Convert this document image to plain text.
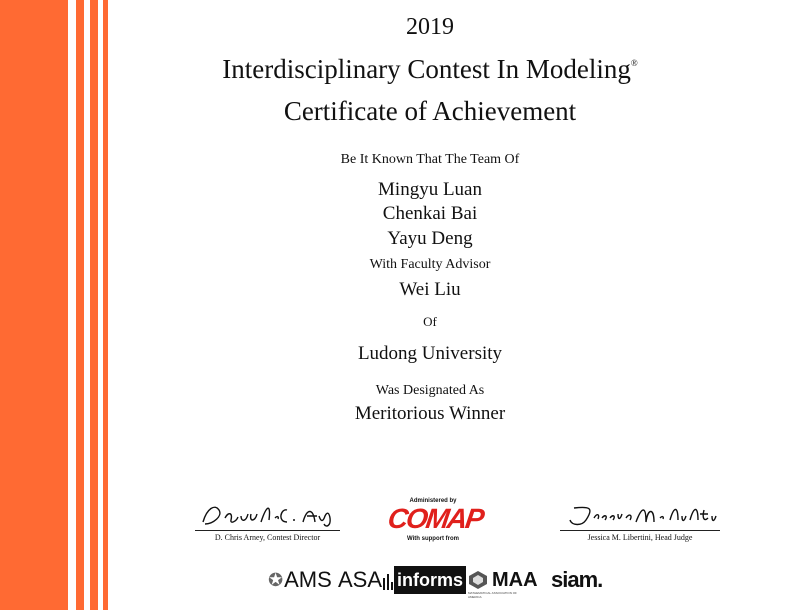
2019
Interdisciplinary Contest In Modeling®
Certificate of Achievement
Be It Known That The Team Of
Mingyu Luan
Chenkai Bai
Yayu Deng
With Faculty Advisor
Wei Liu
Of
Ludong University
Was Designated As
Meritorious Winner
D. Chris Arney, Contest Director	Jessica M. Libertini, Head Judge
Administered by
COMAP
With support from
✪ AMS ASA informs MAA
MATHEMATICAL ASSOCIATION OF AMERICA
siam.
